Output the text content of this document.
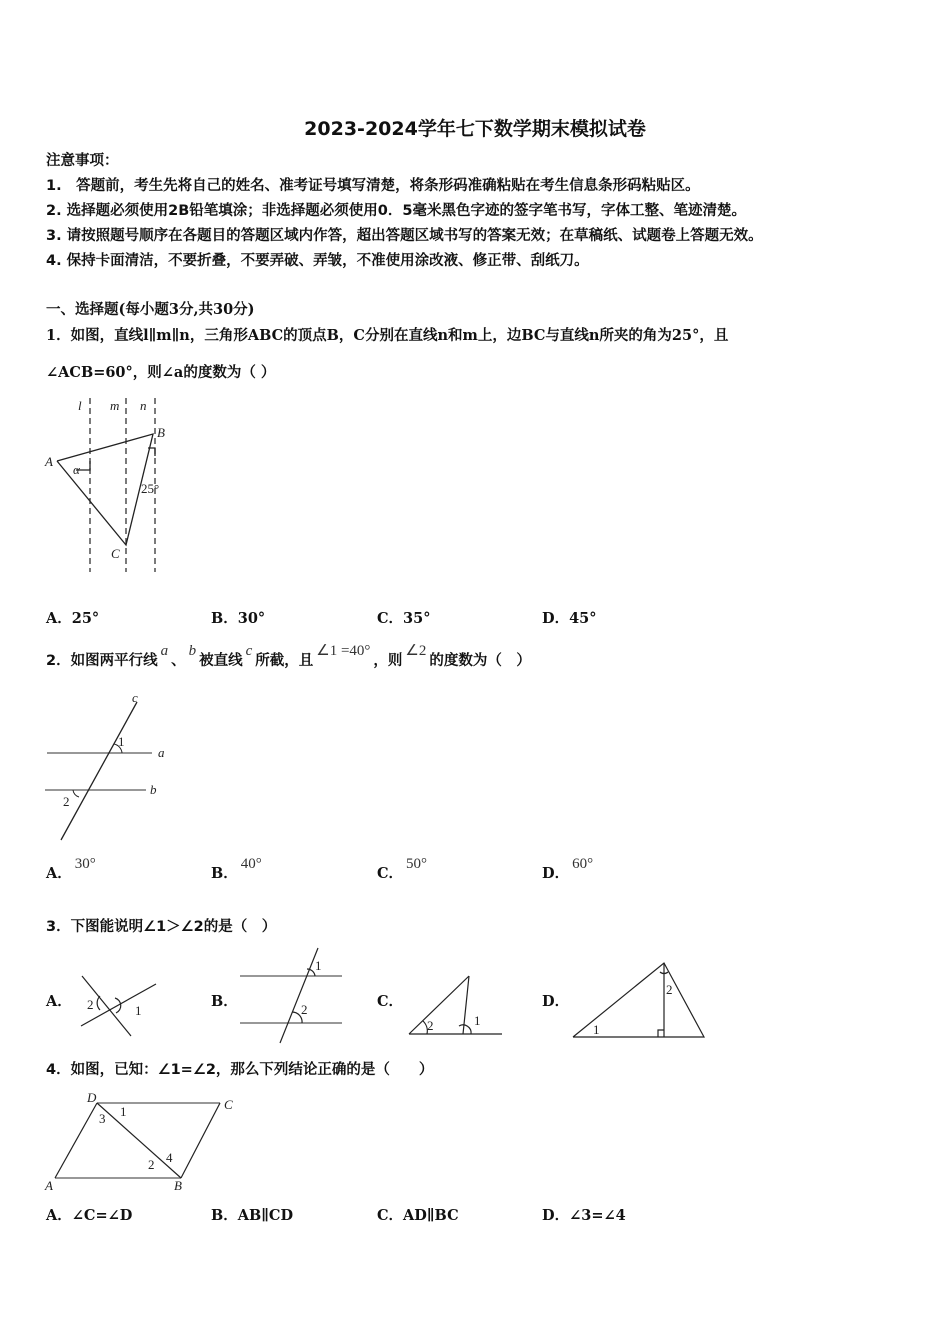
2023-2024学年七下数学期末模拟试卷
注意事项：
1.　答题前，考生先将自己的姓名、准考证号填写清楚，将条形码准确粘贴在考生信息条形码粘贴区。
2. 选择题必须使用2B铅笔填涂；非选择题必须使用0．5毫米黑色字迹的签字笔书写，字体工整、笔迹清楚。
3. 请按照题号顺序在各题目的答题区域内作答，超出答题区域书写的答案无效；在草稿纸、试题卷上答题无效。
4. 保持卡面清洁，不要折叠，不要弄破、弄皱，不准使用涂改液、修正带、刮纸刀。
一、选择题(每小题3分,共30分)
1．如图，直线l∥m∥n，三角形ABC的顶点B，C分别在直线n和m上，边BC与直线n所夹的角为25°，且
∠ACB=60°，则∠a的度数为（ ）
l m n
A
B
C
α
25°
A．25°	B．30°	C．35°	D．45°
2．如图两平行线a、b被直线c所截，且∠1 =40°，则∠2的度数为（　）
c
a
b
1
2
A．30°
B．40°
C．50°
D．60°
3．下图能说明∠1＞∠2的是（　）
A．	B．	C．	D．
2	1
1
2
2	1
1
2
4．如图，已知：∠1=∠2，那么下列结论正确的是（　　）
D	C
A	B
1
2
3
4
A．∠C=∠D	B．AB∥CD	C．AD∥BC	D．∠3=∠4
